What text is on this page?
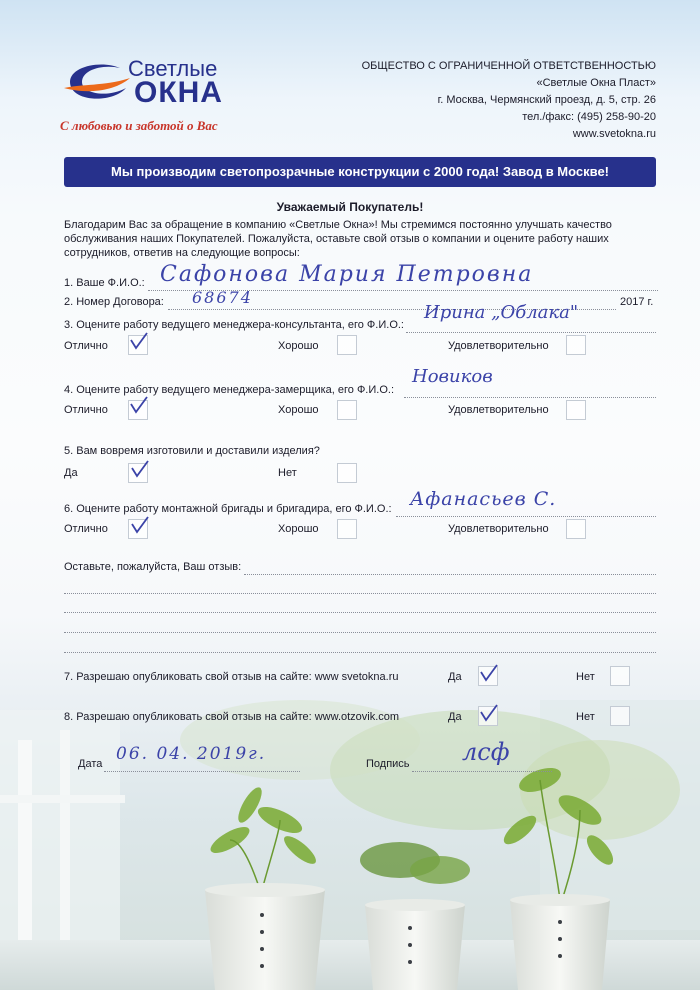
Светлые
ОКНА
С любовью и заботой о Вас
ОБЩЕСТВО С ОГРАНИЧЕННОЙ ОТВЕТСТВЕННОСТЬЮ
«Светлые Окна Пласт»
г. Москва, Чермянский проезд, д. 5, стр. 26
тел./факс: (495) 258-90-20
www.svetokna.ru
Мы производим светопрозрачные конструкции с 2000 года! Завод в Москве!
Уважаемый Покупатель!
Благодарим Вас за обращение в компанию «Светлые Окна»! Мы стремимся постоянно улучшать качество
обслуживания наших Покупателей. Пожалуйста, оставьте свой отзыв о компании и оцените работу наших
сотрудников, ответив на следующие вопросы:
1. Ваше Ф.И.О.: Сафонова Мария Петровна
2. Номер Договора: 68674	2017 г.
3. Оцените работу ведущего менеджера-консультанта, его Ф.И.О.:
Ирина „Облака"
Отлично	Хорошо	Удовлетворительно
4. Оцените работу ведущего менеджера-замерщика, его Ф.И.О.:
Новиков
Отлично	Хорошо	Удовлетворительно
5. Вам вовремя изготовили и доставили изделия?
Да	Нет
6. Оцените работу монтажной бригады и бригадира, его Ф.И.О.: Афанасьев С.
Отлично	Хорошо	Удовлетворительно
Оставьте, пожалуйста, Ваш отзыв:
7. Разрешаю опубликовать свой отзыв на сайте: www svetokna.ru	Да	Нет
8. Разрешаю опубликовать свой отзыв на сайте: www.otzovik.com	Да	Нет
Дата 06. 04. 2019г.	Подпись лсф
